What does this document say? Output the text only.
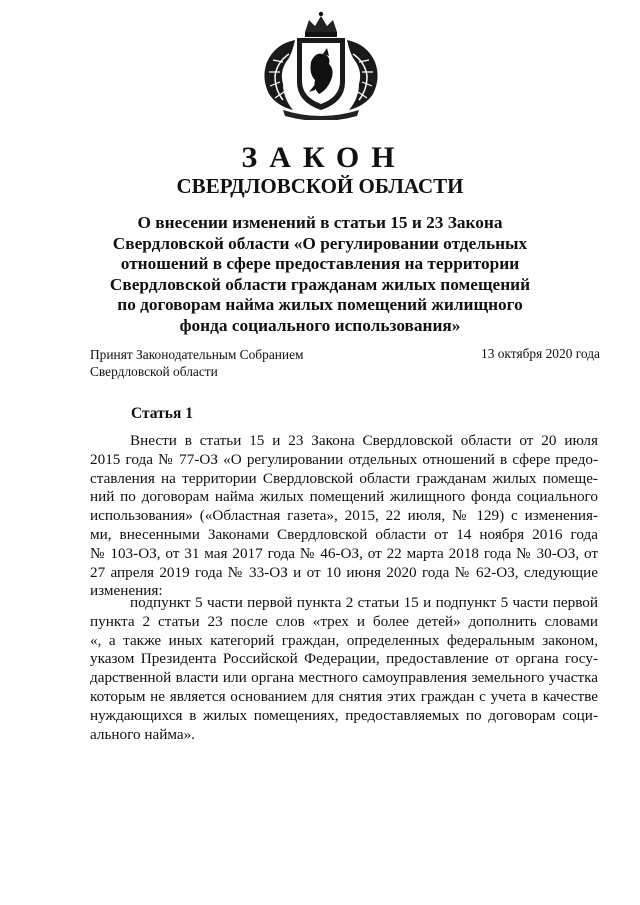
ЗАКОН
СВЕРДЛОВСКОЙ ОБЛАСТИ
О внесении изменений в статьи 15 и 23 Закона
Свердловской области «О регулировании отдельных
отношений в сфере предоставления на территории
Свердловской области гражданам жилых помещений
по договорам найма жилых помещений жилищного
фонда социального использования»
Принят Законодательным Собранием
Свердловской области
13 октября 2020 года
Статья 1
Внести в статьи 15 и 23 Закона Свердловской области от 20 июля
2015 года № 77-ОЗ «О регулировании отдельных отношений в сфере предо-
ставления на территории Свердловской области гражданам жилых помеще-
ний по договорам найма жилых помещений жилищного фонда социального
использования» («Областная газета», 2015, 22 июля, № 129) с изменения-
ми, внесенными Законами Свердловской области от 14 ноября 2016 года
№ 103-ОЗ, от 31 мая 2017 года № 46-ОЗ, от 22 марта 2018 года № 30-ОЗ, от
27 апреля 2019 года № 33-ОЗ и от 10 июня 2020 года № 62-ОЗ, следующие
изменения:
подпункт 5 части первой пункта 2 статьи 15 и подпункт 5 части первой
пункта 2 статьи 23 после слов «трех и более детей» дополнить словами
«, а также иных категорий граждан, определенных федеральным законом,
указом Президента Российской Федерации, предоставление от органа госу-
дарственной власти или органа местного самоуправления земельного участка
которым не является основанием для снятия этих граждан с учета в качестве
нуждающихся в жилых помещениях, предоставляемых по договорам соци-
ального найма».
